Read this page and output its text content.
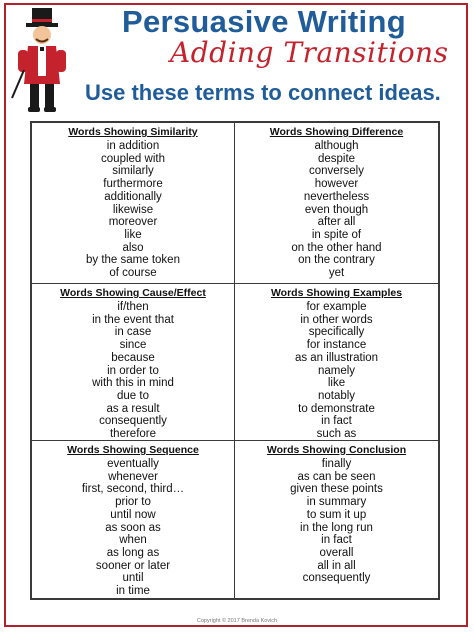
Persuasive Writing
Adding Transitions
Use these terms to connect ideas.
Words Showing Similarity
in addition
coupled with
similarly
furthermore
additionally
likewise
moreover
like
also
by the same token
of course
Words Showing Difference
although
despite
conversely
however
nevertheless
even though
after all
in spite of
on the other hand
on the contrary
yet
Words Showing Cause/Effect
if/then
in the event that
in case
since
because
in order to
with this in mind
due to
as a result
consequently
therefore
Words Showing Examples
for example
in other words
specifically
for instance
as an illustration
namely
like
notably
to demonstrate
in fact
such as
Words Showing Sequence
eventually
whenever
first, second, third…
prior to
until now
as soon as
when
as long as
sooner or later
until
in time
Words Showing Conclusion
finally
as can be seen
given these points
in summary
to sum it up
in the long run
in fact
overall
all in all
consequently
Copyright © 2017 Brenda Kovich
